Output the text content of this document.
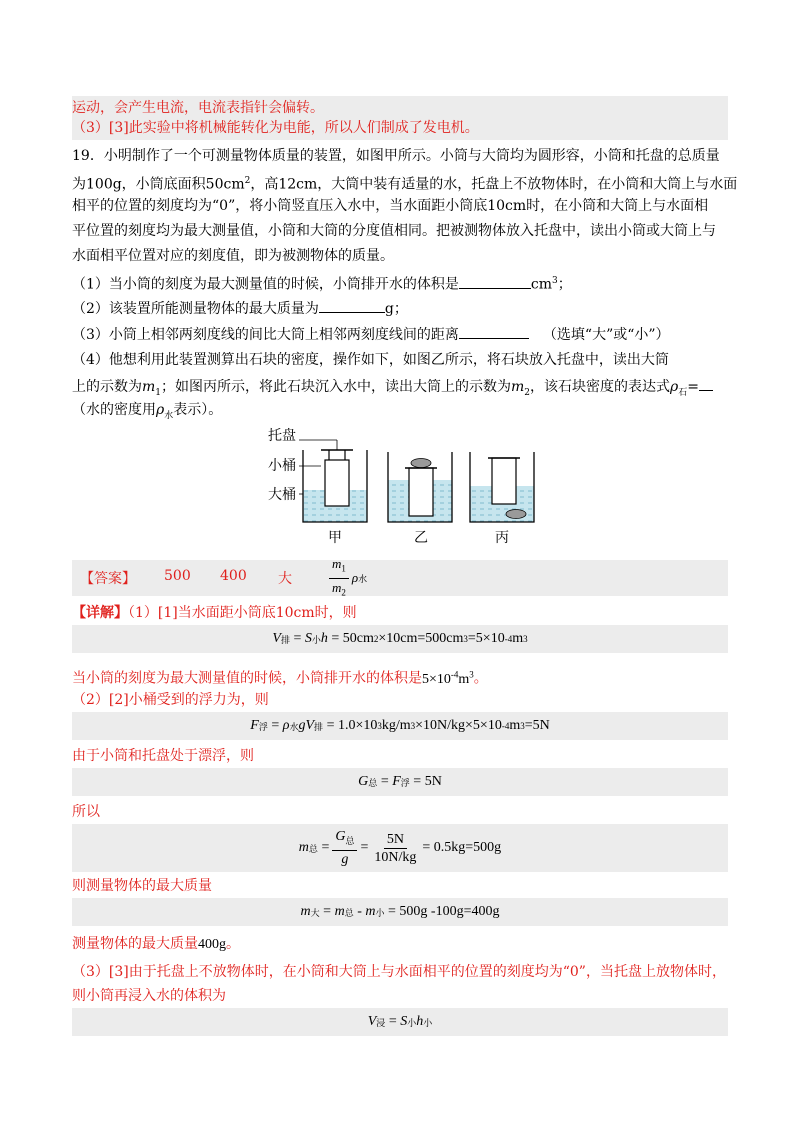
运动，会产生电流，电流表指针会偏转。
（3）[3]此实验中将机械能转化为电能，所以人们制成了发电机。
19．小明制作了一个可测量物体质量的装置，如图甲所示。小筒与大筒均为圆形容，小筒和托盘的总质量
为100g，小筒底面积$50cm^2$，高12cm，大筒中装有适量的水，托盘上不放物体时，在小筒和大筒上与水面
相平的位置的刻度均为“0”，将小筒竖直压入水中，当水面距小筒底10cm时，在小筒和大筒上与水面相
平位置的刻度均为最大测量值，小筒和大筒的分度值相同。把被测物体放入托盘中，读出小筒或大筒上与
水面相平位置对应的刻度值，即为被测物体的质量。
（1）当小筒的刻度为最大测量值的时候，小筒排开水的体积是	$cm^3$；
（2）该装置所能测量物体的最大质量为	g；
（3）小筒上相邻两刻度线的间比大筒上相邻两刻度线间的距离	（选填“大”或“小”）
（4）他想利用此装置测算出石块的密度，操作如下，如图乙所示，将石块放入托盘中，读出大筒
上的示数为$m_1$；如图丙所示，将此石块沉入水中，读出大筒上的示数为$m_2$，该石块密度的表达式$\rho_石=$
（水的密度用$\rho_水$表示）。
托盘
小桶
大桶
甲	乙	丙
【答案】 500 400 大	$\frac{m_1}{m_2}$ ρ 水
【详解】（1）[1]当水面距小筒底10cm时，则
V 排 = S 小 h = 50cm 2 ×10cm=500cm 3 =5×10 -4 m 3
当小筒的刻度为最大测量值的时候，小筒排开水的体积是$5\times 10^{-4}m^3$。
（2）[2]小桶受到的浮力为，则
F 浮 = ρ 水 gV 排 = 1.0×10 3 kg/m 3 ×10N/kg×5×10 -4 m 3 =5N
由于小筒和托盘处于漂浮，则
G 总 = F 浮 = 5N
所以
m 总 = $\frac{G_总}{g} = \frac{5N}{10N/kg} = 0.5kg=500g$
则测量物体的最大质量
m 大 = m 总 - m 小 = 500g -100g=400g
测量物体的最大质量400g。
（3）[3]由于托盘上不放物体时，在小筒和大筒上与水面相平的位置的刻度均为“0”，当托盘上放物体时，
则小筒再浸入水的体积为
V 浸 = S 小 h 小
